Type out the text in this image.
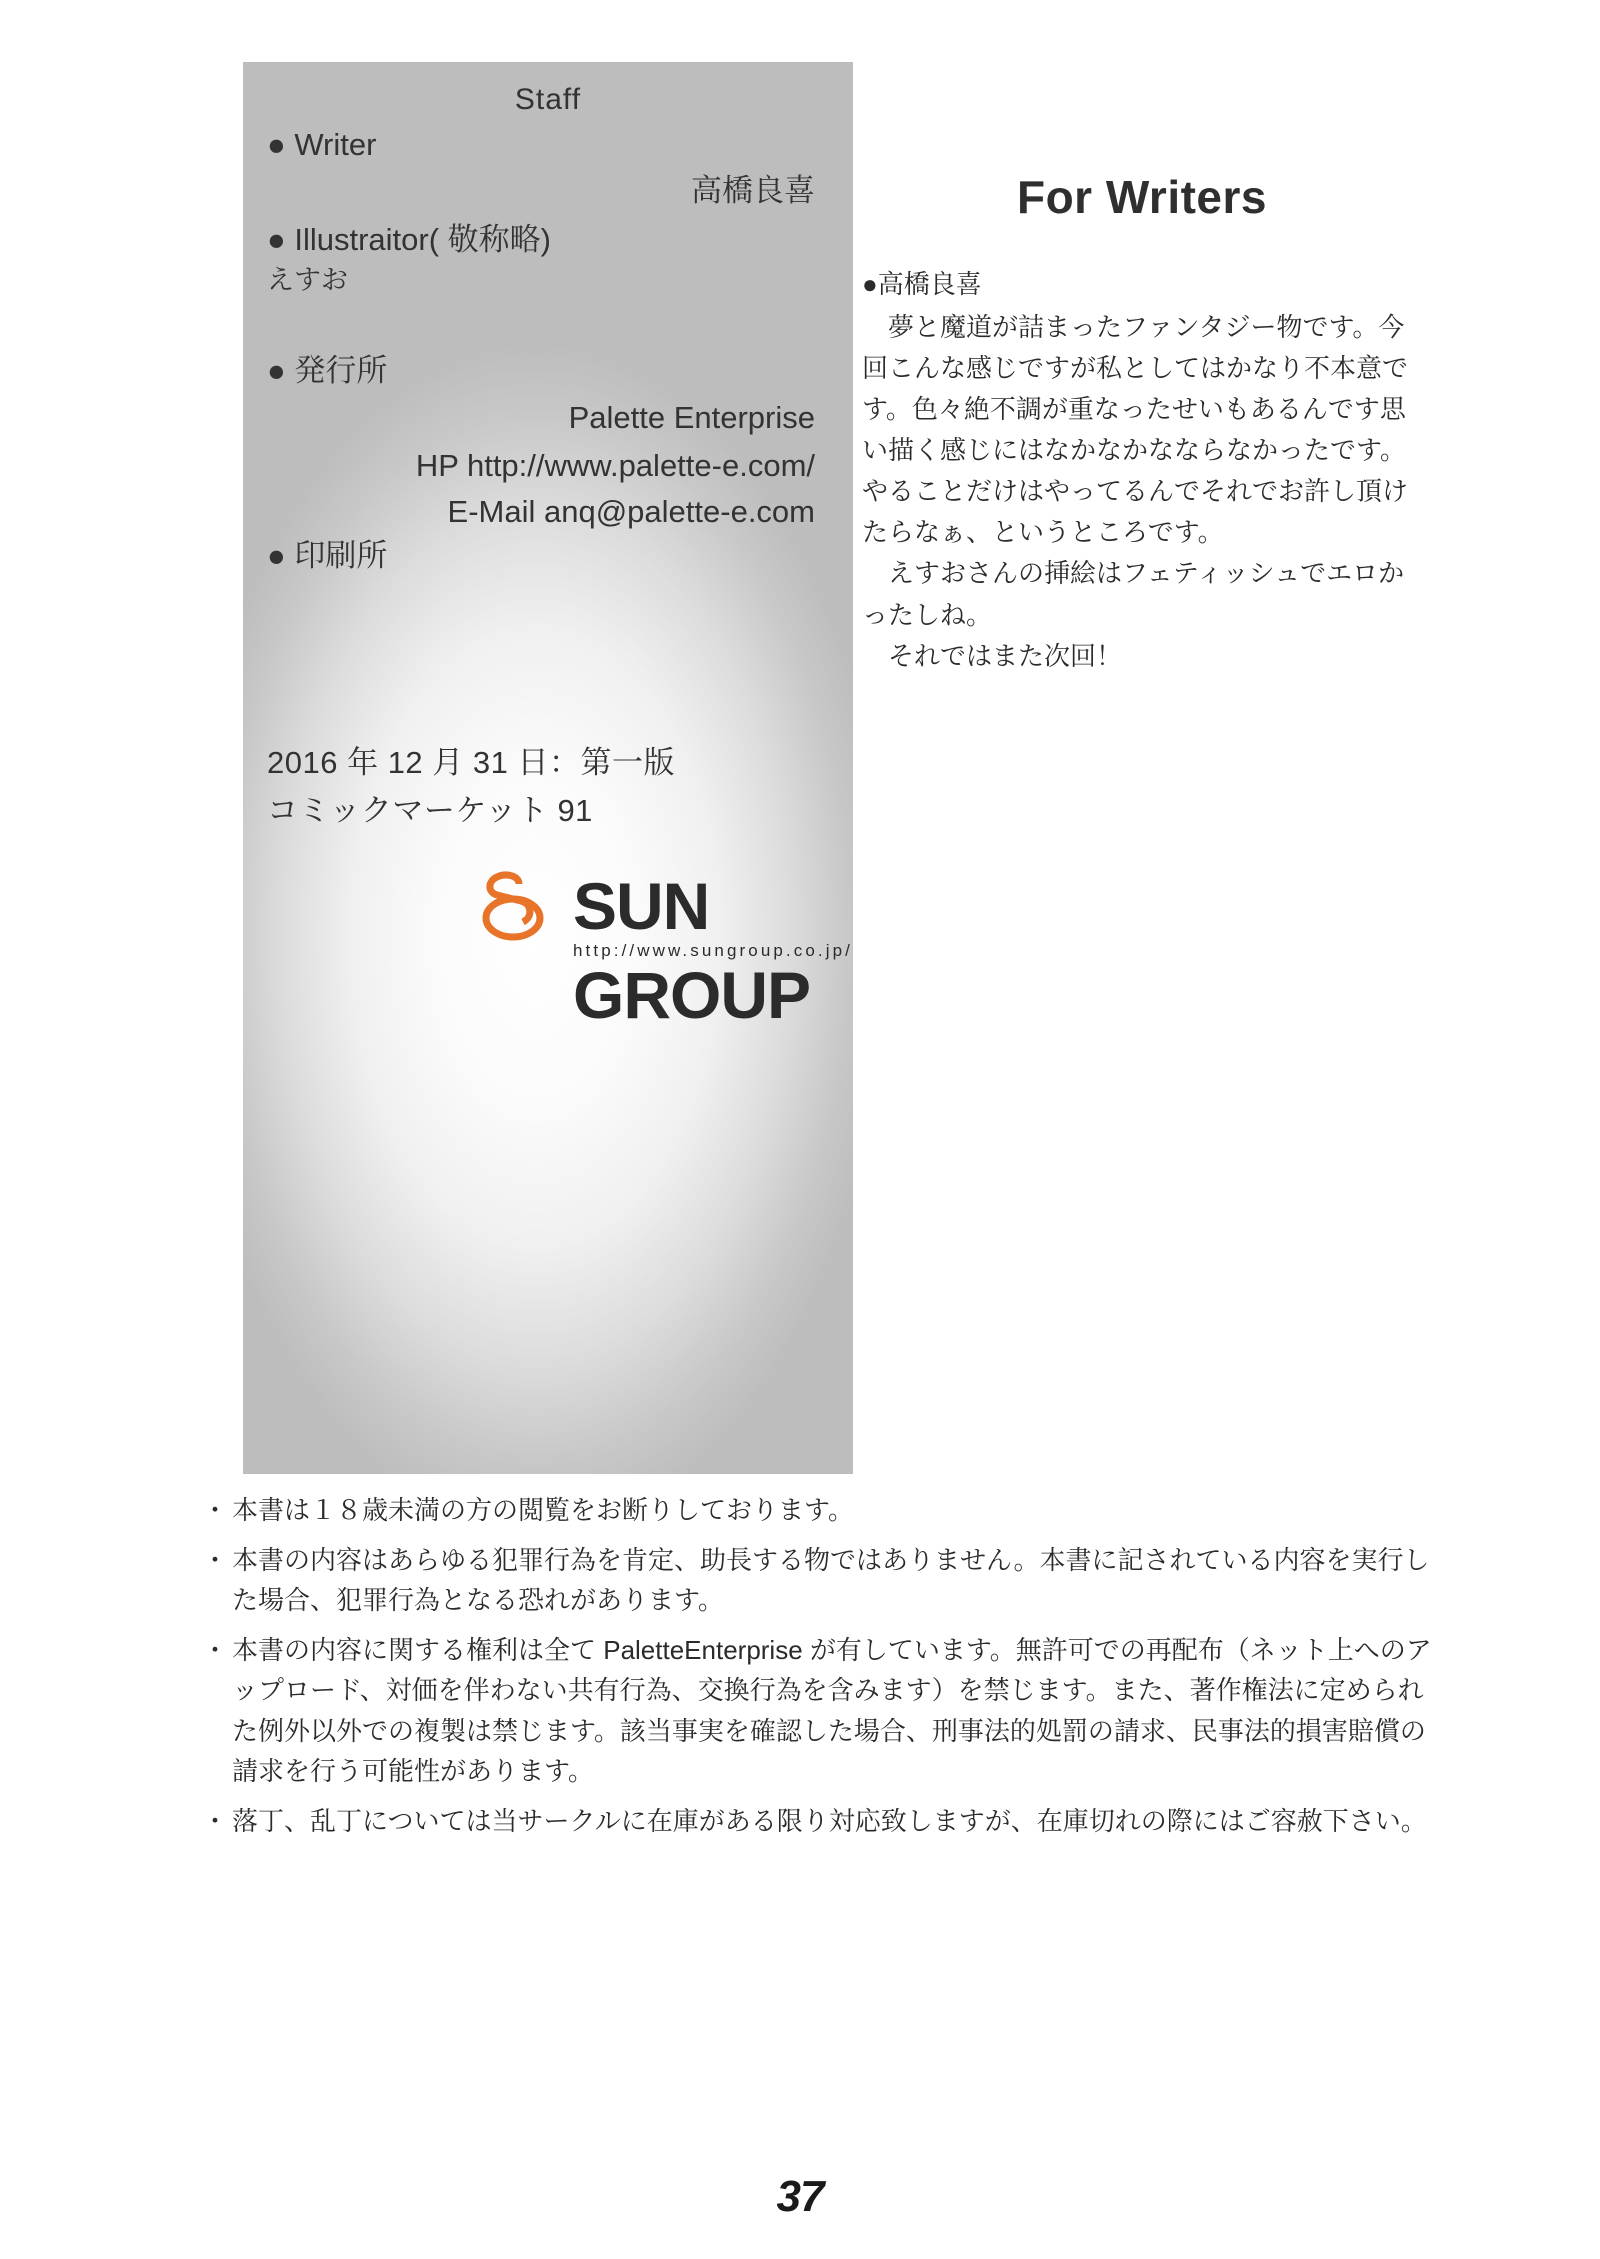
Staff
● Writer
高橋良喜
● Illustraitor( 敬称略)
えすお
● 発行所
Palette Enterprise
HP http://www.palette-e.com/
E-Mail anq@palette-e.com
● 印刷所
2016 年 12 月 31 日：第一版
コミックマーケット 91
SUN GROUP
http://www.sungroup.co.jp/
For Writers

●高橋良喜

夢と魔道が詰まったファンタジー物です。今回こんな感じですが私としてはかなり不本意です。色々絶不調が重なったせいもあるんです思い描く感じにはなかなかなならなかったです。やることだけはやってるんでそれでお許し頂けたらなぁ、というところです。

えすおさんの挿絵はフェティッシュでエロかったしね。

それではまた次回！

・ 本書は１８歳未満の方の閲覧をお断りしております。
・ 本書の内容はあらゆる犯罪行為を肯定、助長する物ではありません。本書に記されている内容を実行した場合、犯罪行為となる恐れがあります。
・ 本書の内容に関する権利は全て PaletteEnterprise が有しています。無許可での再配布（ネット上へのアップロード、対価を伴わない共有行為、交換行為を含みます）を禁じます。また、著作権法に定められた例外以外での複製は禁じます。該当事実を確認した場合、刑事法的処罰の請求、民事法的損害賠償の請求を行う可能性があります。
・ 落丁、乱丁については当サークルに在庫がある限り対応致しますが、在庫切れの際にはご容赦下さい。
37
